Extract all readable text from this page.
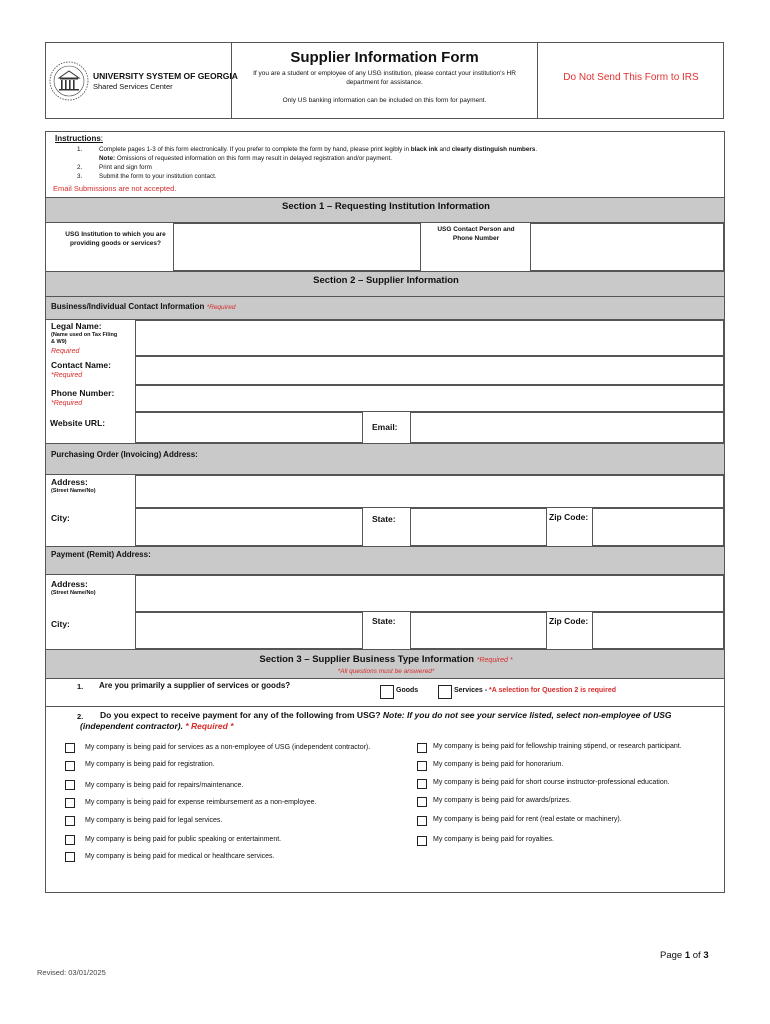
UNIVERSITY SYSTEM OF GEORGIA
Shared Services Center
Supplier Information Form
If you are a student or employee of any USG institution, please contact your institution's HR department for assistance.
Only US banking information can be included on this form for payment.
Do Not Send This Form to IRS
Instructions:
1.	Complete pages 1-3 of this form electronically. If you prefer to complete the form by hand, please print legibly in black ink and clearly distinguish numbers.
Note: Omissions of requested information on this form may result in delayed registration and/or payment.
2.	Print and sign form
3.	Submit the form to your institution contact.
Email Submissions are not accepted.
Section 1 – Requesting Institution Information
USG Institution to which you are providing goods or services?
USG Contact Person and Phone Number
Section 2 – Supplier Information
Business/Individual Contact Information *Required
Legal Name:
(Name used on Tax Filing & W9)
Required
Contact Name:
*Required
Phone Number:
*Required
Website URL:	Email:
Purchasing Order (Invoicing) Address:
Address:
(Street Name/No)
City:	State:	Zip Code:
Payment (Remit) Address:
Address:
(Street Name/No)
City:	State:	Zip Code:
Section 3 – Supplier Business Type Information *Required *
*All questions must be answered*
1. Are you primarily a supplier of services or goods?
Goods	Services - *A selection for Question 2 is required
2.	Do you expect to receive payment for any of the following from USG? Note: If you do not see your service listed, select non-employee of USG (independent contractor). * Required *
My company is being paid for services as a non-employee of USG (independent contractor).
My company is being paid for registration.
My company is being paid for repairs/maintenance.
My company is being paid for expense reimbursement as a non-employee.
My company is being paid for legal services.
My company is being paid for public speaking or entertainment.
My company is being paid for medical or healthcare services.
My company is being paid for fellowship training stipend, or research participant.
My company is being paid for honorarium.
My company is being paid for short course instructor-professional education.
My company is being paid for awards/prizes.
My company is being paid for rent (real estate or machinery).
My company is being paid for royalties.
Page 1 of 3
Revised: 03/01/2025
